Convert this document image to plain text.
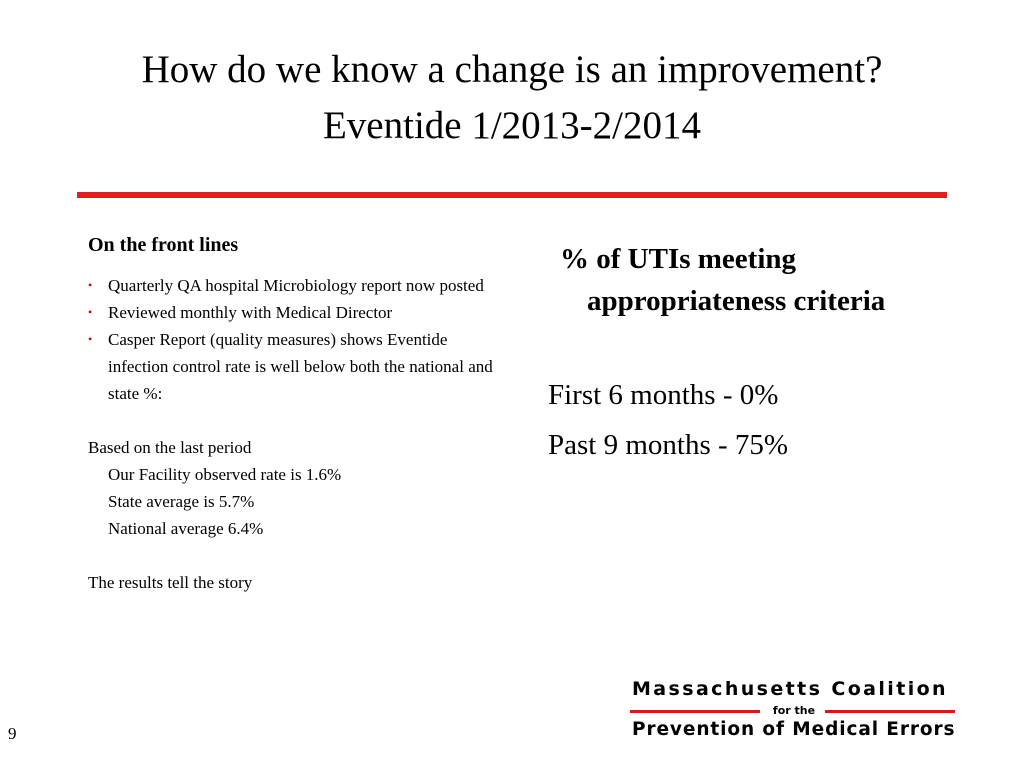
How do we know a change is an improvement?
Eventide 1/2013-2/2014
On the front lines
• Quarterly QA hospital Microbiology report now posted
• Reviewed monthly with Medical Director
• Casper Report (quality measures) shows Eventide infection control rate is well below both the national and state %:
Based on the last period
Our Facility observed rate is 1.6%
State average is 5.7%
National average 6.4%
The results tell the story
% of UTIs meeting
appropriateness criteria
First 6 months - 0%
Past 9 months - 75%
9
Massachusetts Coalition
for the
Prevention of Medical Errors
